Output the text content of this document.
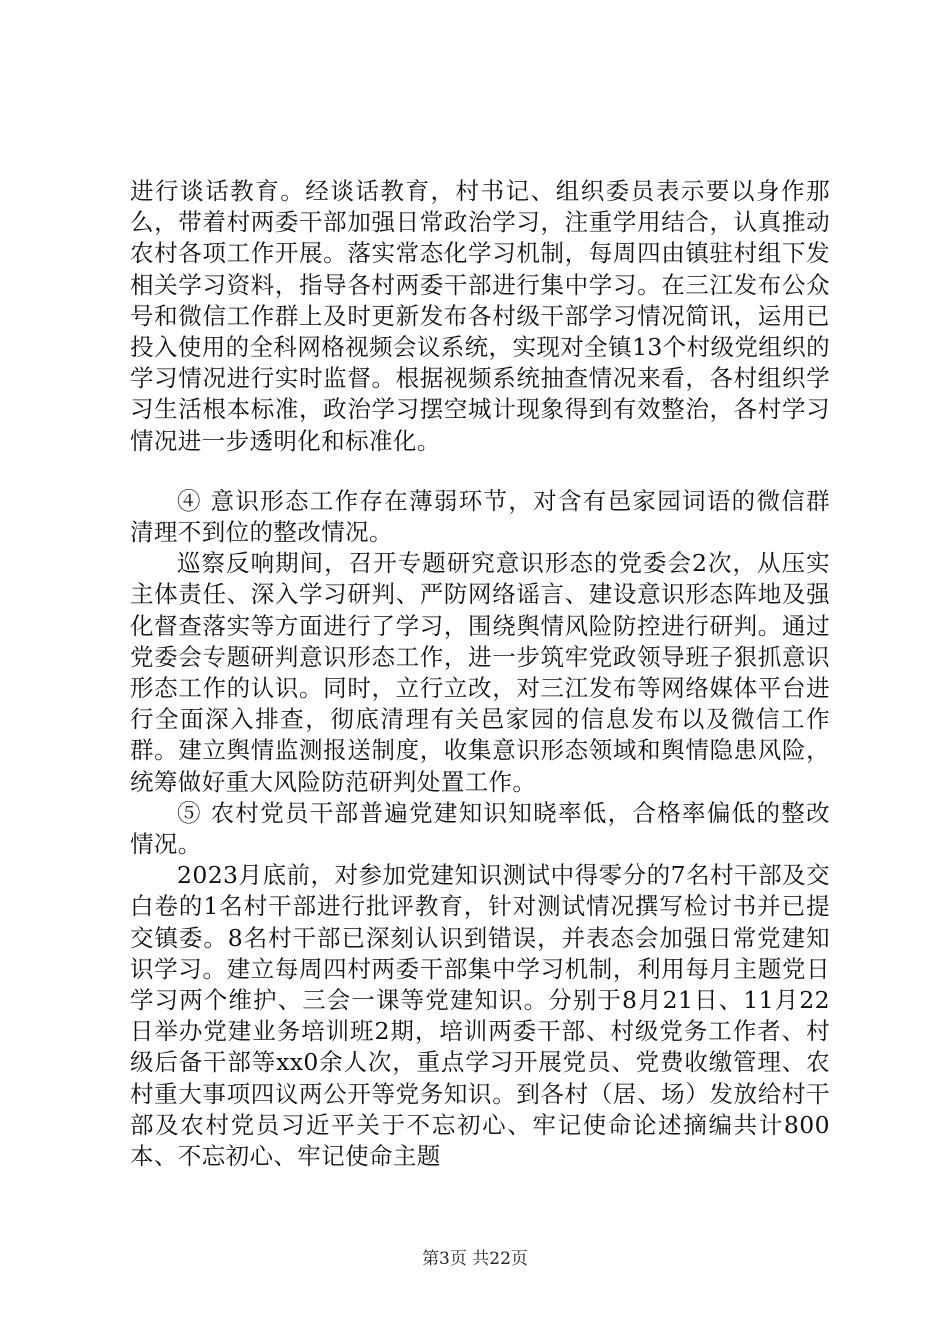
进行谈话教育。经谈话教育，村书记、组织委员表示要以身作那么，带着村两委干部加强日常政治学习，注重学用结合，认真推动农村各项工作开展。落实常态化学习机制，每周四由镇驻村组下发相关学习资料，指导各村两委干部进行集中学习。在三江发布公众号和微信工作群上及时更新发布各村级干部学习情况简讯，运用已投入使用的全科网格视频会议系统，实现对全镇13个村级党组织的学习情况进行实时监督。根据视频系统抽查情况来看，各村组织学习生活根本标准，政治学习摆空城计现象得到有效整治，各村学习情况进一步透明化和标准化。

④ 意识形态工作存在薄弱环节，对含有邑家园词语的微信群清理不到位的整改情况。

巡察反响期间，召开专题研究意识形态的党委会2次，从压实主体责任、深入学习研判、严防网络谣言、建设意识形态阵地及强化督查落实等方面进行了学习，围绕舆情风险防控进行研判。通过党委会专题研判意识形态工作，进一步筑牢党政领导班子狠抓意识形态工作的认识。同时，立行立改，对三江发布等网络媒体平台进行全面深入排查，彻底清理有关邑家园的信息发布以及微信工作群。建立舆情监测报送制度，收集意识形态领域和舆情隐患风险，统筹做好重大风险防范研判处置工作。

⑤ 农村党员干部普遍党建知识知晓率低，合格率偏低的整改情况。

2023月底前，对参加党建知识测试中得零分的7名村干部及交白卷的1名村干部进行批评教育，针对测试情况撰写检讨书并已提交镇委。8名村干部已深刻认识到错误，并表态会加强日常党建知识学习。建立每周四村两委干部集中学习机制，利用每月主题党日学习两个维护、三会一课等党建知识。分别于8月21日、11月22日举办党建业务培训班2期，培训两委干部、村级党务工作者、村级后备干部等xx0余人次，重点学习开展党员、党费收缴管理、农村重大事项四议两公开等党务知识。到各村（居、场）发放给村干部及农村党员习近平关于不忘初心、牢记使命论述摘编共计800本、不忘初心、牢记使命主题

第3页 共22页
